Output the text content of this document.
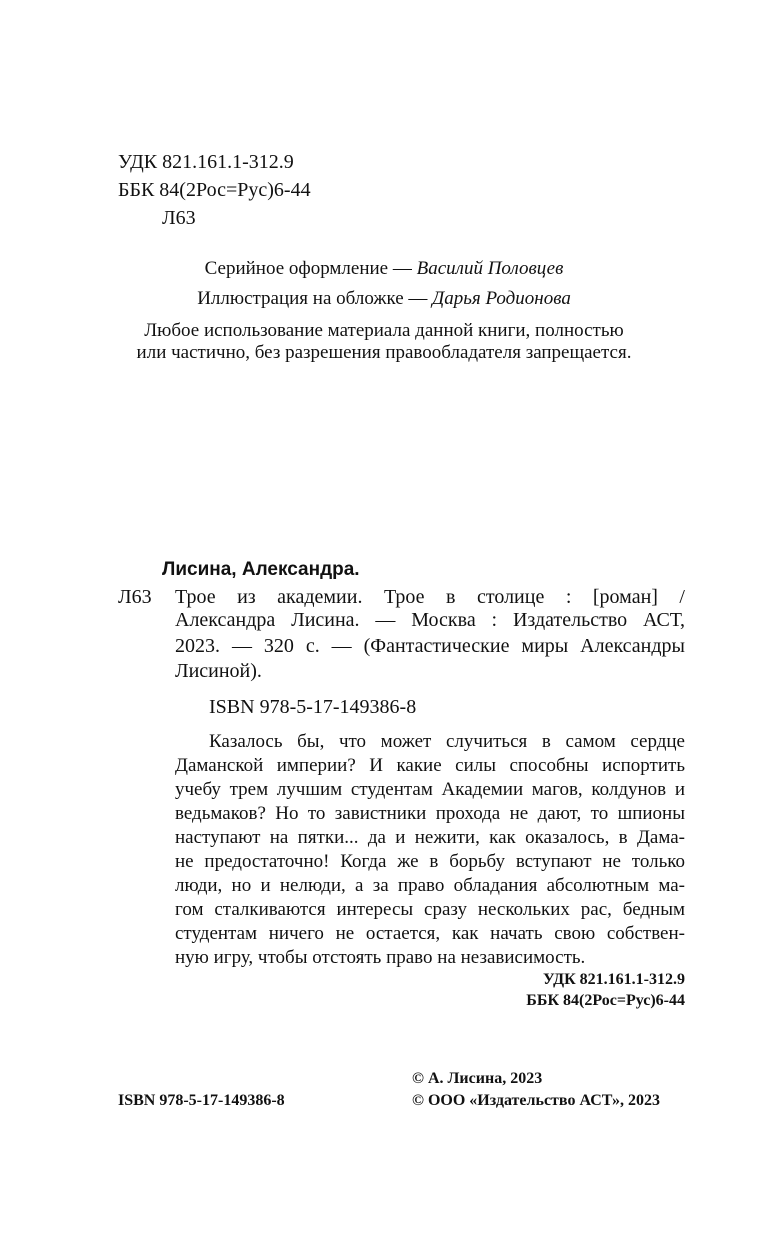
УДК 821.161.1-312.9
ББК 84(2Рос=Рус)6-44
Л63
Серийное оформление — Василий Половцев
Иллюстрация на обложке — Дарья Родионова
Любое использование материала данной книги, полностью
или частично, без разрешения правообладателя запрещается.
Лисина, Александра.
Л63 Трое из академии. Трое в столице : [роман] /
Александра Лисина. — Москва : Издательство АСТ,
2023. — 320 с. — (Фантастические миры Александры
Лисиной).
ISBN 978-5-17-149386-8
Казалось бы, что может случиться в самом сердце
Даманской империи? И какие силы способны испортить
учебу трем лучшим студентам Академии магов, колдунов и
ведьмаков? Но то завистники прохода не дают, то шпионы
наступают на пятки... да и нежити, как оказалось, в Дама-
не предостаточно! Когда же в борьбу вступают не только
люди, но и нелюди, а за право обладания абсолютным ма-
гом сталкиваются интересы сразу нескольких рас, бедным
студентам ничего не остается, как начать свою собствен-
ную игру, чтобы отстоять право на независимость.
УДК 821.161.1-312.9
ББК 84(2Рос=Рус)6-44
© А. Лисина, 2023
ISBN 978-5-17-149386-8	© ООО «Издательство АСТ», 2023
